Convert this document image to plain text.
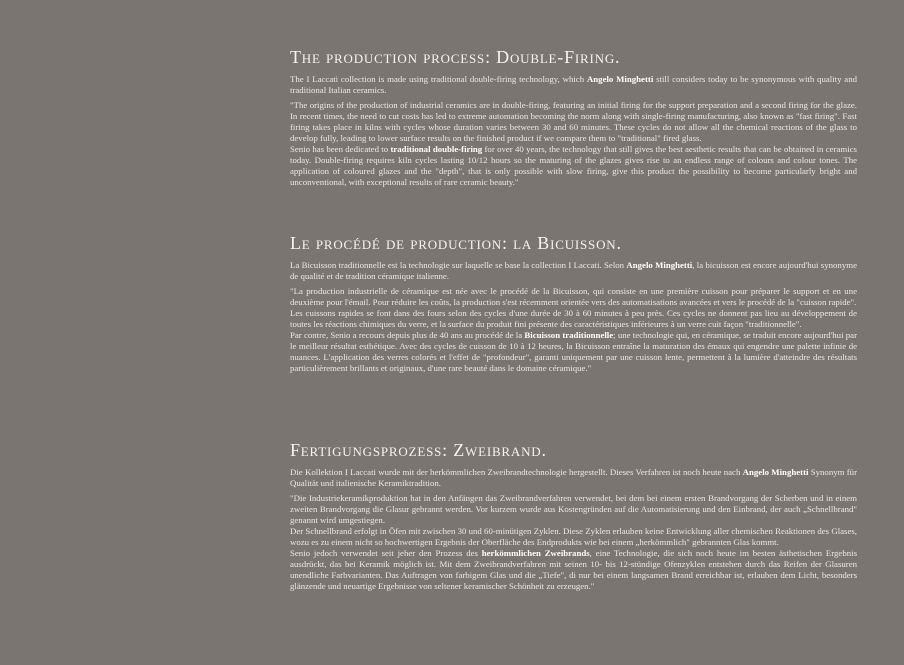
The production process: Double-Firing.

The I Laccati collection is made using traditional double-firing technology, which Angelo Minghetti still considers today to be synonymous with quality and traditional Italian ceramics.

"The origins of the production of industrial ceramics are in double-firing, featuring an initial firing for the support preparation and a second firing for the glaze. In recent times, the need to cut costs has led to extreme automation becoming the norm along with single-firing manufacturing, also known as "fast firing". Fast firing takes place in kilns with cycles whose duration varies between 30 and 60 minutes. These cycles do not allow all the chemical reactions of the glass to develop fully, leading to lower surface results on the finished product if we compare them to "traditional" fired glass.

Senio has been dedicated to traditional double-firing for over 40 years, the technology that still gives the best aesthetic results that can be obtained in ceramics today. Double-firing requires kiln cycles lasting 10/12 hours so the maturing of the glazes gives rise to an endless range of colours and colour tones. The application of coloured glazes and the "depth", that is only possible with slow firing, give this product the possibility to become particularly bright and unconventional, with exceptional results of rare ceramic beauty."

Le procédé de production: la Bicuisson.

La Bicuisson traditionnelle est la technologie sur laquelle se base la collection I Laccati. Selon Angelo Minghetti, la bicuisson est encore aujourd'hui synonyme de qualité et de tradition céramique italienne.

"La production industrielle de céramique est née avec le procédé de la Bicuisson, qui consiste en une première cuisson pour préparer le support et en une deuxième pour l'émail. Pour réduire les coûts, la production s'est récemment orientée vers des automatisations avancées et vers le procédé de la "cuisson rapide".

Les cuissons rapides se font dans des fours selon des cycles d'une durée de 30 à 60 minutes à peu près. Ces cycles ne donnent pas lieu au développement de toutes les réactions chimiques du verre, et la surface du produit fini présente des caractéristiques inférieures à un verre cuit façon "traditionnelle".

Par contre, Senio a recours depuis plus de 40 ans au procédé de la Bicuisson traditionnelle; une technologie qui, en céramique, se traduit encore aujourd'hui par le meilleur résultat esthétique. Avec des cycles de cuisson de 10 à 12 heures, la Bicuisson entraîne la maturation des émaux qui engendre une palette infinie de nuances. L'application des verres colorés et l'effet de "profondeur", garanti uniquement par une cuisson lente, permettent à la lumière d'atteindre des résultats particulièrement brillants et originaux, d'une rare beauté dans le domaine céramique."

Fertigungsprozess: Zweibrand.

Die Kollektion I Laccati wurde mit der herkömmlichen Zweibrandtechnologie hergestellt. Dieses Verfahren ist noch heute nach Angelo Minghetti Synonym für Qualität und italienische Keramiktradition.

"Die Industriekeramikproduktion hat in den Anfängen das Zweibrandverfahren verwendet, bei dem bei einem ersten Brandvorgang der Scherben und in einem zweiten Brandvorgang die Glasur gebrannt werden. Vor kurzem wurde aus Kostengründen auf die Automatisierung und den Einbrand, der auch „Schnellbrand" genannt wird umgestiegen.

Der Schnellbrand erfolgt in Öfen mit zwischen 30 und 60-minütigen Zyklen. Diese Zyklen erlauben keine Entwicklung aller chemischen Reaktionen des Glases, wozu es zu einem nicht so hochwertigen Ergebnis der Oberfläche des Endprodukts wie bei einem „herkömmlich" gebrannten Glas kommt.

Senio jedoch verwendet seit jeher den Prozess des herkömmlichen Zweibrands, eine Technologie, die sich noch heute im besten ästhetischen Ergebnis ausdrückt, das bei Keramik möglich ist. Mit dem Zweibrandverfahren mit seinen 10- bis 12-stündige Ofenzyklen entstehen durch das Reifen der Glasuren unendliche Farbvarianten. Das Auftragen von farbigem Glas und die „Tiefe", di nur bei einem langsamen Brand erreichbar ist, erlauben dem Licht, besonders glänzende und neuartige Ergebnisse von seltener keramischer Schönheit zu erzeugen."
